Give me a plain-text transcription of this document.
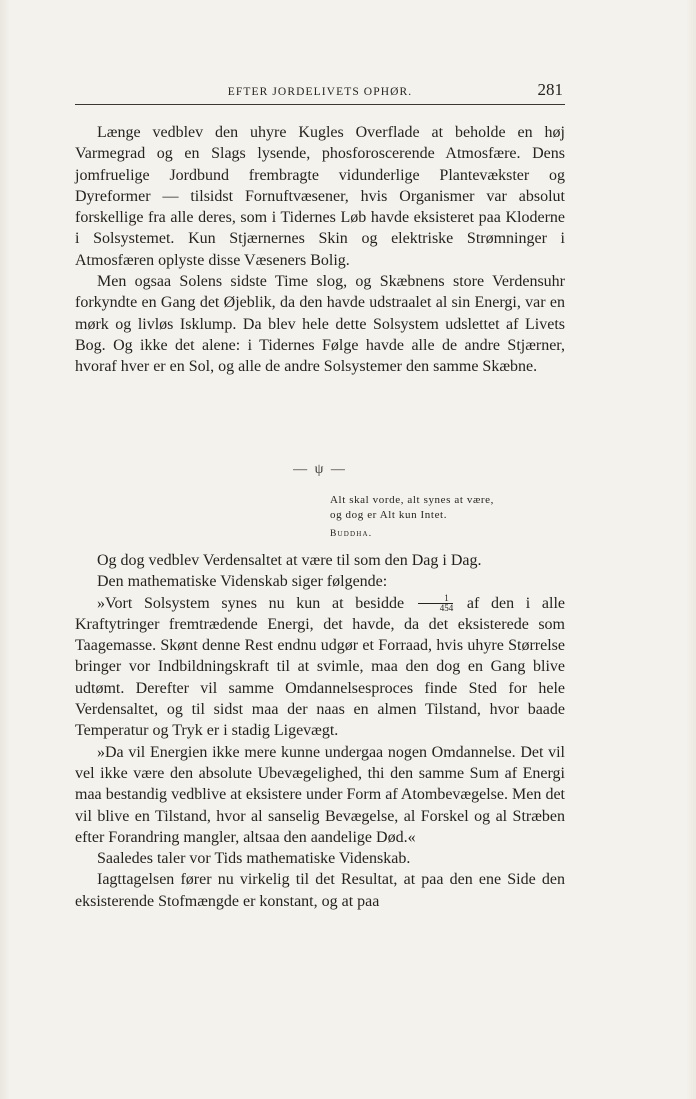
EFTER JORDELIVETS OPHØR.	281

Længe vedblev den uhyre Kugles Overflade at beholde en høj Varmegrad og en Slags lysende, phosforoscerende Atmosfære. Dens jomfruelige Jordbund frembragte vidunderlige Plantevækster og Dyreformer — tilsidst Fornuftvæsener, hvis Organismer var absolut forskellige fra alle deres, som i Tidernes Løb havde eksisteret paa Kloderne i Solsystemet. Kun Stjærnernes Skin og elektriske Strømninger i Atmosfæren oplyste disse Væseners Bolig.

Men ogsaa Solens sidste Time slog, og Skæbnens store Verdensuhr forkyndte en Gang det Øjeblik, da den havde udstraalet al sin Energi, var en mørk og livløs Isklump. Da blev hele dette Solsystem udslettet af Livets Bog. Og ikke det alene: i Tidernes Følge havde alle de andre Stjærner, hvoraf hver er en Sol, og alle de andre Solsystemer den samme Skæbne.

— ψ —
Alt skal vorde, alt synes at være,
og dog er Alt kun Intet.
Buddha.

Og dog vedblev Verdensaltet at være til som den Dag i Dag.

Den mathematiske Videnskab siger følgende:

»Vort Solsystem synes nu kun at besidde $\frac{1}{454}$ af den i alle Kraftytringer fremtrædende Energi, det havde, da det eksisterede som Taagemasse. Skønt denne Rest endnu udgør et Forraad, hvis uhyre Størrelse bringer vor Indbildningskraft til at svimle, maa den dog en Gang blive udtømt. Derefter vil samme Omdannelsesproces finde Sted for hele Verdensaltet, og til sidst maa der naas en almen Tilstand, hvor baade Temperatur og Tryk er i stadig Ligevægt.

»Da vil Energien ikke mere kunne undergaa nogen Omdannelse. Det vil vel ikke være den absolute Ubevægelighed, thi den samme Sum af Energi maa bestandig vedblive at eksistere under Form af Atombevægelse. Men det vil blive en Tilstand, hvor al sanselig Bevægelse, al Forskel og al Stræben efter Forandring mangler, altsaa den aandelige Død.«

Saaledes taler vor Tids mathematiske Videnskab.

Iagttagelsen fører nu virkelig til det Resultat, at paa den ene Side den eksisterende Stofmængde er konstant, og at paa
